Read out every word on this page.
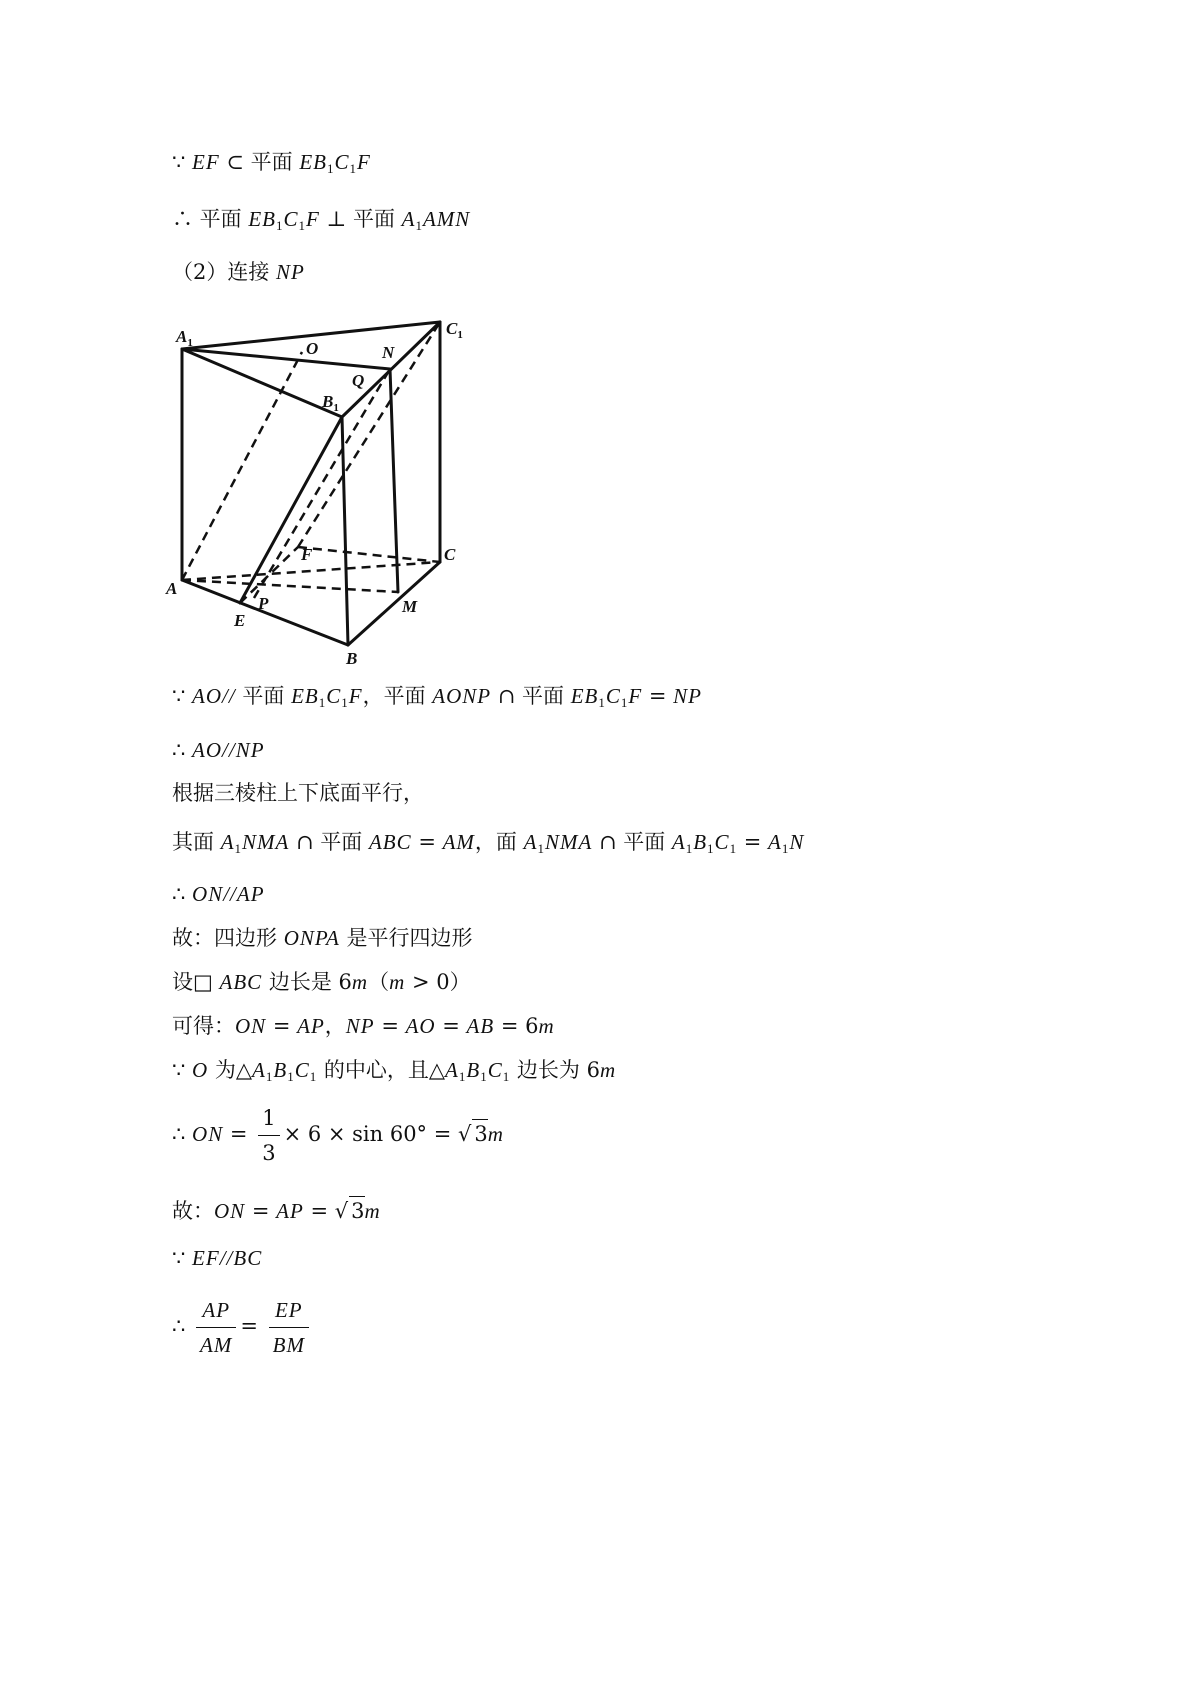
∵ EF ⊂ 平面 $EB_1C_1F$
∴ 平面 $EB_1C_1F$ ⊥ 平面 $A_1AMN$
（2）连接 NP
$A_1$	O	N
$C_1$
Q
$B_1$
F	C
A
P
E
M
B
∵ AO// 平面 $EB_1C_1F$，平面 AONP ∩ 平面 $EB_1C_1F$ = NP
∴ AO//NP
根据三棱柱上下底面平行，
其面 $A_1NMA$ ∩ 平面 ABC = AM，面 $A_1NMA$ ∩ 平面 $A_1B_1C_1 = A_1N$
∴ ON//AP
故：四边形 ONPA 是平行四边形
设□ ABC 边长是 6m（m > 0）
可得：ON = AP，NP = AO = AB = 6m
∵ O 为$\triangle A_1B_1C_1$ 的中心，且$\triangle A_1B_1C_1$ 边长为 6m
∴ ON = $\frac{1}{3} \times 6 \times \sin 60^\circ$ = √ 3m
故：ON = AP = √ 3m
∵ EF//BC
∴ $\frac{AP}{AM} = \frac{EP}{BM}$
